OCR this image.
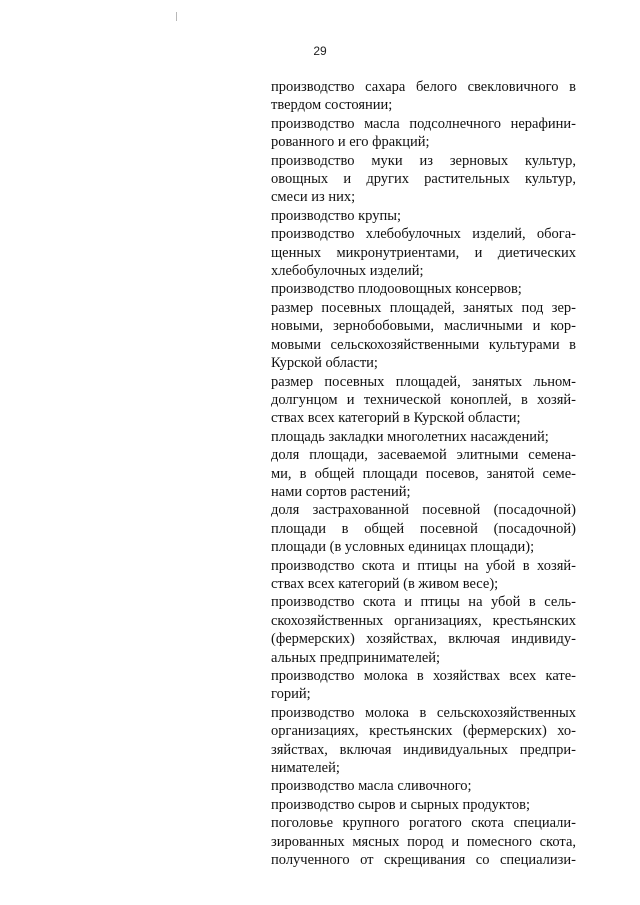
29

производство сахара белого свекловичного в

твердом состоянии;

производство масла подсолнечного нерафини-

рованного и его фракций;

производство муки из зерновых культур,

овощных и других растительных культур,

смеси из них;

производство крупы;

производство хлебобулочных изделий, обога-

щенных микронутриентами, и диетических

хлебобулочных изделий;

производство плодоовощных консервов;

размер посевных площадей, занятых под зер-

новыми, зернобобовыми, масличными и кор-

мовыми сельскохозяйственными культурами в

Курской области;

размер посевных площадей, занятых льном-

долгунцом и технической коноплей, в хозяй-

ствах всех категорий в Курской области;

площадь закладки многолетних насаждений;

доля площади, засеваемой элитными семена-

ми, в общей площади посевов, занятой семе-

нами сортов растений;

доля застрахованной посевной (посадочной)

площади в общей посевной (посадочной)

площади (в условных единицах площади);

производство скота и птицы на убой в хозяй-

ствах всех категорий (в живом весе);

производство скота и птицы на убой в сель-

скохозяйственных организациях, крестьянских

(фермерских) хозяйствах, включая индивиду-

альных предпринимателей;

производство молока в хозяйствах всех кате-

горий;

производство молока в сельскохозяйственных

организациях, крестьянских (фермерских) хо-

зяйствах, включая индивидуальных предпри-

нимателей;

производство масла сливочного;

производство сыров и сырных продуктов;

поголовье крупного рогатого скота специали-

зированных мясных пород и помесного скота,

полученного от скрещивания со специализи-
